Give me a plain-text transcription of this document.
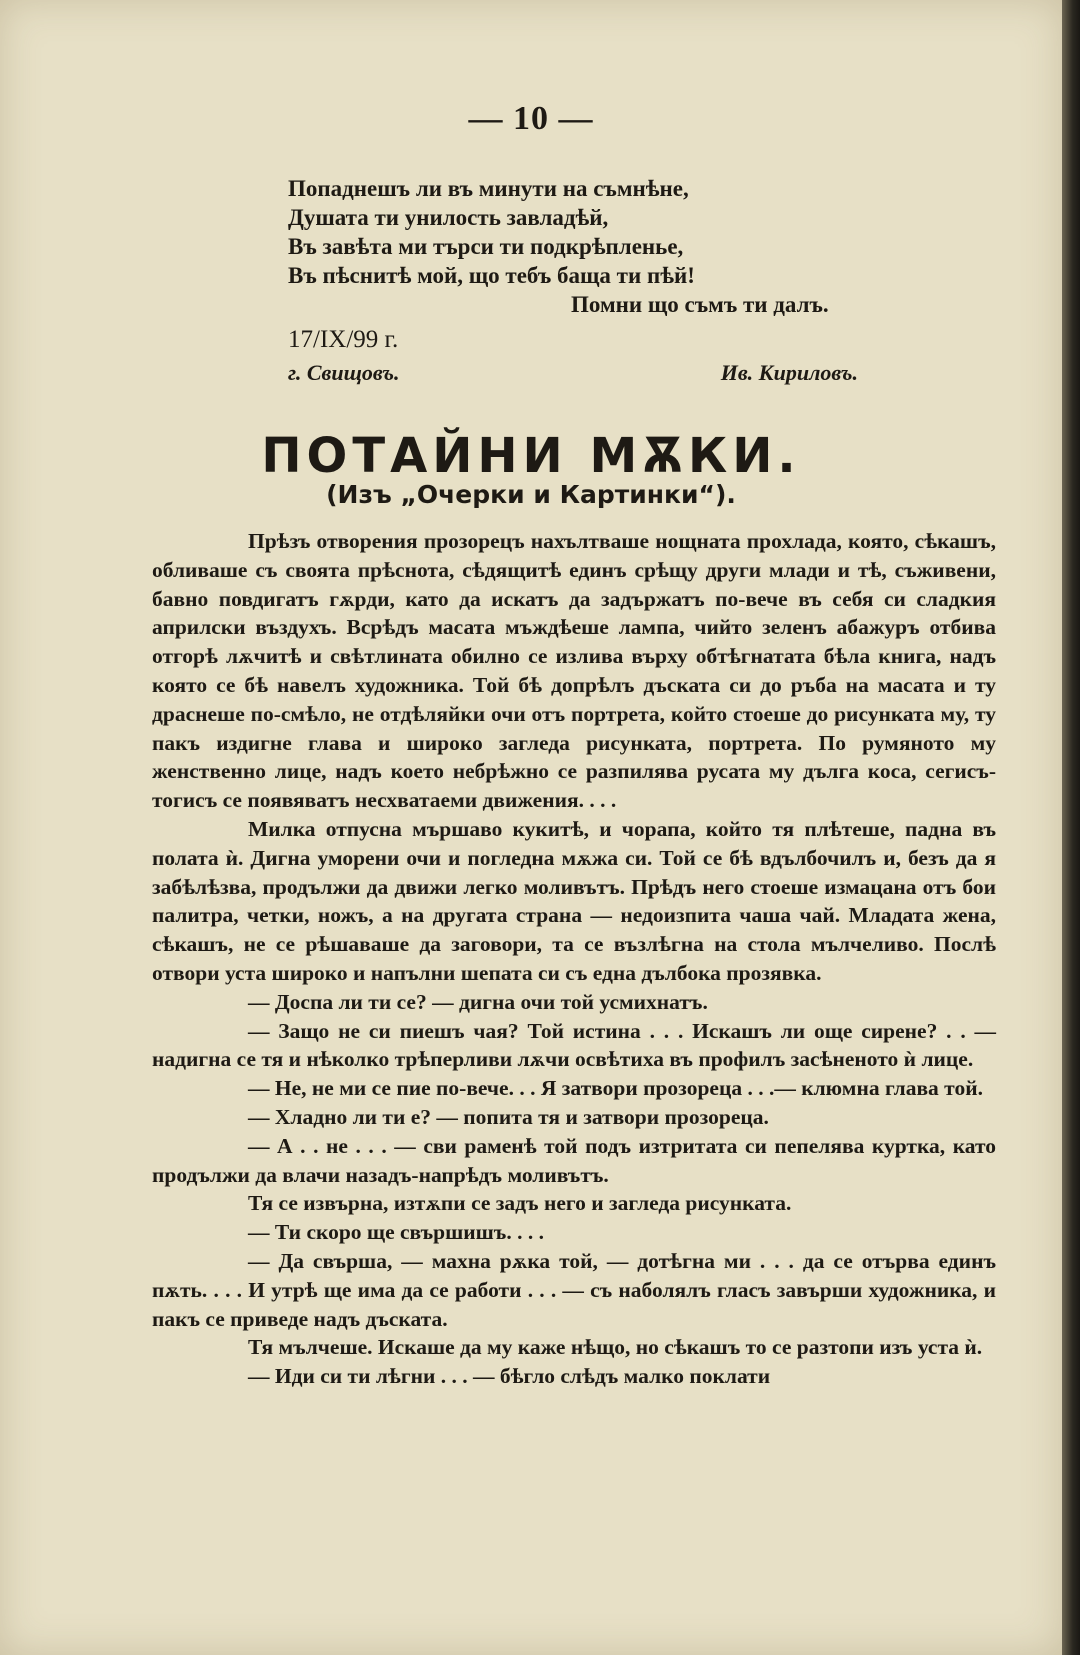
— 10 —
Попаднешъ ли въ минути на съмнѣне,
Душата ти унилость завладѣй,
Въ завѣта ми търси ти подкрѣпленье,
Въ пѣснитѣ мой, що тебъ баща ти пѣй!
Помни що съмъ ти далъ.
17/IX/99 г.
г. Свищовъ.	Ив. Кириловъ.
ПОТАЙНИ МѪКИ.
(Изъ „Очерки и Картинки“).

Прѣзъ отворения прозорецъ нахълтваше нощната прохлада, която, сѣкашъ, обливаше съ своята прѣснота, сѣдящитѣ единъ срѣщу други млади и тѣ, съживени, бавно повдигатъ гѫрди, като да искатъ да задържатъ по-вече въ себя си сладкия априлски въздухъ. Всрѣдъ масата мъждѣеше лампа, чийто зеленъ абажуръ отбива отгорѣ лѫчитѣ и свѣтлината обилно се излива върху обтѣгнатата бѣла книга, надъ която се бѣ навелъ художника. Той бѣ допрѣлъ дъската си до ръба на масата и ту драснеше по-смѣло, не отдѣляйки очи отъ портрета, който стоеше до рисунката му, ту пакъ издигне глава и широко загледа рисунката, портрета. По румяното му женственно лице, надъ което небрѣжно се разпилява русата му дълга коса, сегисъ-тогисъ се появяватъ несхватаеми движения. . . .

Милка отпусна мършаво кукитѣ, и чорапа, който тя плѣтеше, падна въ полата ѝ. Дигна уморени очи и погледна мѫжа си. Той се бѣ вдълбочилъ и, безъ да я забѣлѣзва, продължи да движи легко моливътъ. Прѣдъ него стоеше измацана отъ бои палитра, четки, ножъ, а на другата страна — недоизпита чаша чай. Младата жена, сѣкашъ, не се рѣшаваше да заговори, та се възлѣгна на стола мълчеливо. Послѣ отвори уста широко и напълни шепата си съ една дълбока прозявка.

— Доспа ли ти се? — дигна очи той усмихнатъ.

— Защо не си пиешъ чая? Той истина . . . Искашъ ли още сирене? . . — надигна се тя и нѣколко трѣперливи лѫчи освѣтиха въ профилъ засѣненото ѝ лице.

— Не, не ми се пие по-вече. . . Я затвори прозореца . . .— клюмна глава той.

— Хладно ли ти е? — попита тя и затвори прозореца.

— А . . не . . . — сви раменѣ той подъ изтритата си пепелява куртка, като продължи да влачи назадъ-напрѣдъ моливътъ.

Тя се извърна, изтѫпи се задъ него и загледа рисунката.

— Ти скоро ще свършишъ. . . .

— Да свърша, — махна рѫка той, — дотѣгна ми . . . да се отърва единъ пѫть. . . . И утрѣ ще има да се работи . . . — съ наболялъ гласъ завърши художника, и пакъ се приведе надъ дъската.

Тя мълчеше. Искаше да му каже нѣщо, но сѣкашъ то се разтопи изъ уста ѝ.

— Иди си ти лѣгни . . . — бѣгло слѣдъ малко поклати
